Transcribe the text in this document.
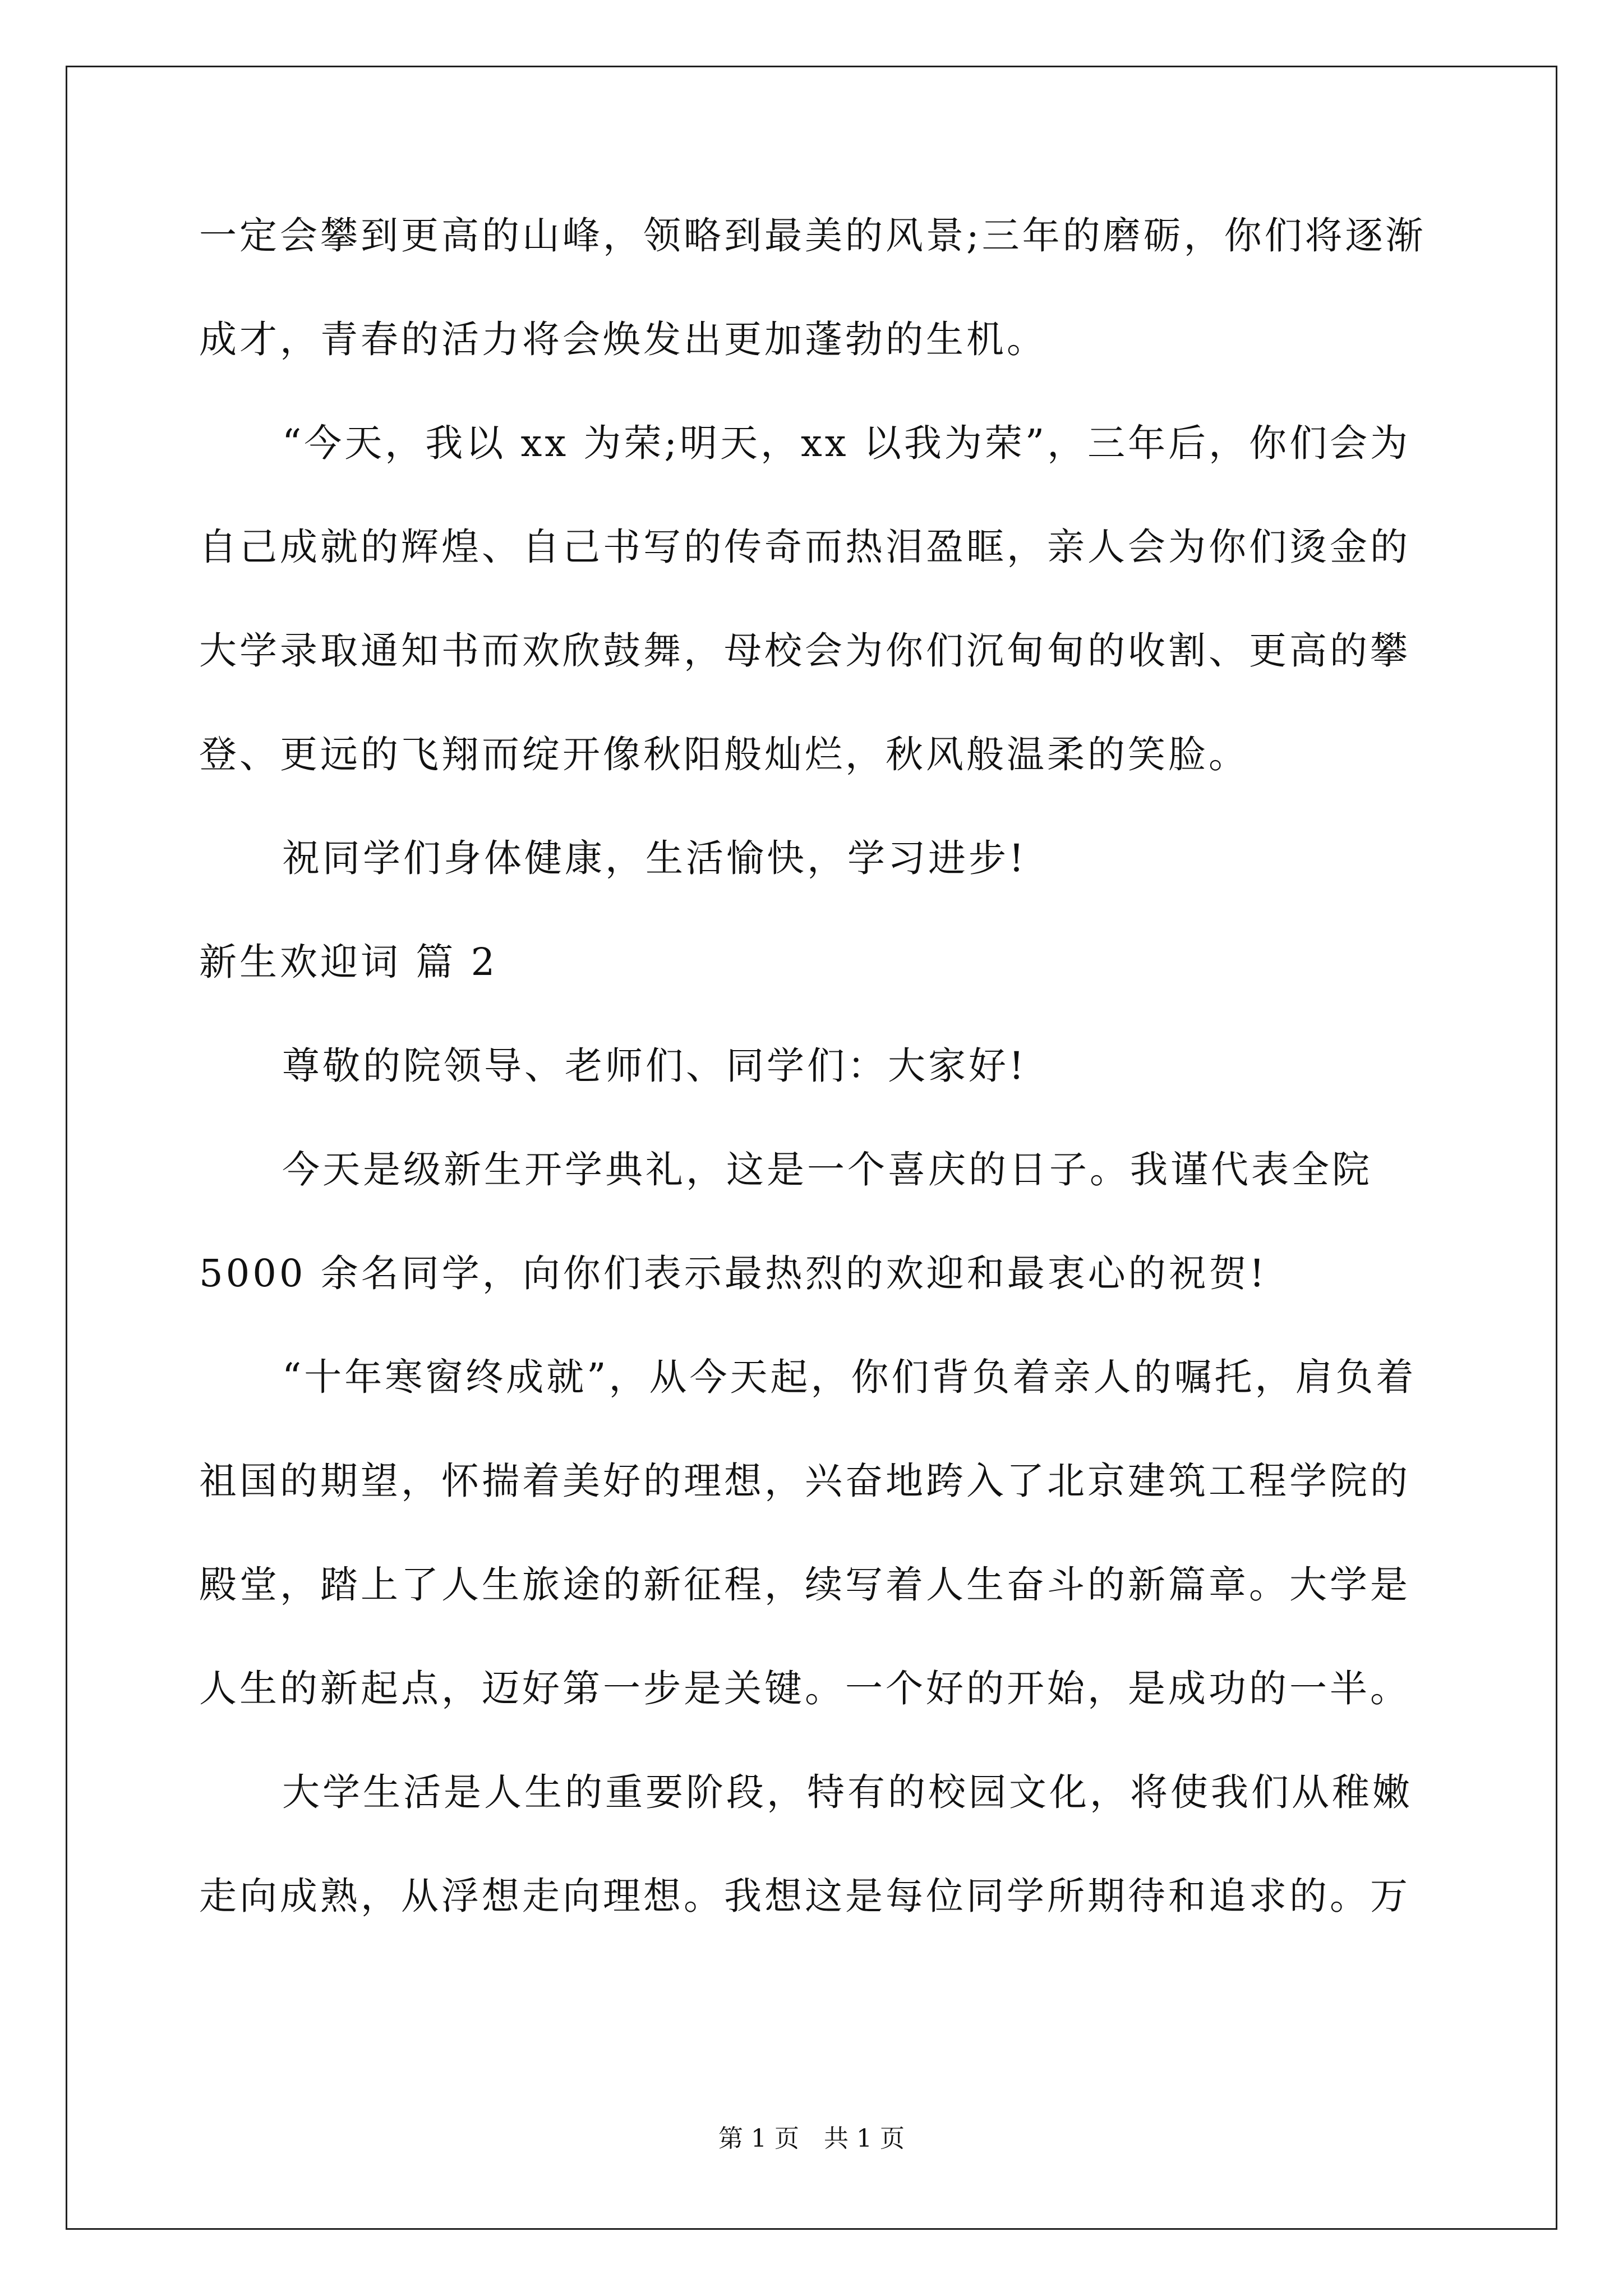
一定会攀到更高的山峰，领略到最美的风景;三年的磨砺，你们将逐渐
成才，青春的活力将会焕发出更加蓬勃的生机。
“今天，我以 xx 为荣;明天，xx 以我为荣”，三年后，你们会为
自己成就的辉煌、自己书写的传奇而热泪盈眶，亲人会为你们烫金的
大学录取通知书而欢欣鼓舞，母校会为你们沉甸甸的收割、更高的攀
登、更远的飞翔而绽开像秋阳般灿烂，秋风般温柔的笑脸。
祝同学们身体健康，生活愉快，学习进步!
新生欢迎词 篇 2
尊敬的院领导、老师们、同学们：大家好!
今天是级新生开学典礼，这是一个喜庆的日子。我谨代表全院
5000 余名同学，向你们表示最热烈的欢迎和最衷心的祝贺!
“十年寒窗终成就”，从今天起，你们背负着亲人的嘱托，肩负着
祖国的期望，怀揣着美好的理想，兴奋地跨入了北京建筑工程学院的
殿堂，踏上了人生旅途的新征程，续写着人生奋斗的新篇章。大学是
人生的新起点，迈好第一步是关键。一个好的开始，是成功的一半。
大学生活是人生的重要阶段，特有的校园文化，将使我们从稚嫩
走向成熟，从浮想走向理想。我想这是每位同学所期待和追求的。万
第 1 页　共 1 页
